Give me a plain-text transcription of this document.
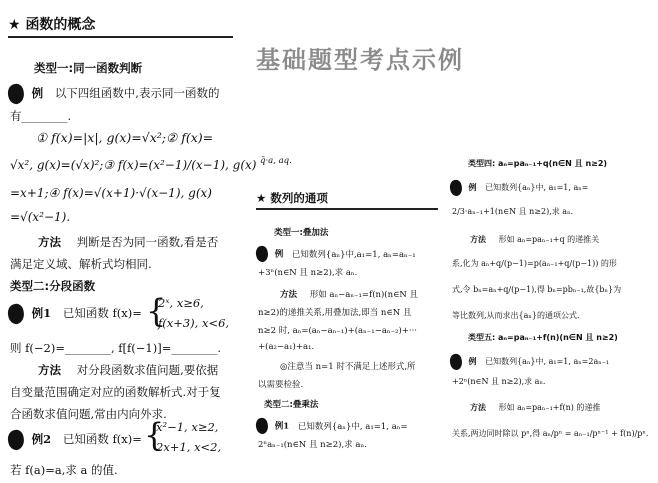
基础题型考点示例
★ 函数的概念
类型一:同一函数判断
例 以下四组函数中,表示同一函数的
有________.
① f(x)=|x|, g(x)=√x²;② f(x)=
√x², g(x)=(√x)²;③ f(x)=(x²−1)/(x−1), g(x)
=x+1;④ f(x)=√(x+1)·√(x−1), g(x)
=√(x²−1).
方法 判断是否为同一函数,看是否
满足定义域、解析式均相同.
类型二:分段函数
例1 已知函数 f(x)= {
2ˣ, x≥6,
f(x+3), x<6,
则 f(−2)=________, f[f(−1)]=________.
方法 对分段函数求值问题,要依据
自变量范围确定对应的函数解析式.对于复
合函数求值问题,常由内向外求.
例2 已知函数 f(x)= {
x²−1, x≥2,
2x+1, x<2,
若 f(a)=a,求 a 的值.
q̄·a, aq.
★ 数列的通项
类型一:叠加法
例 已知数列{aₙ}中,a₁=1, aₙ=aₙ₋₁
+3ⁿ(n∈N 且 n≥2),求 aₙ.
方法 形如 aₙ−aₙ₋₁=f(n)(n∈N 且
n≥2)的递推关系,用叠加法,即当 n∈N 且
n≥2 时, aₙ=(aₙ−aₙ₋₁)+(aₙ₋₁−aₙ₋₂)+···
+(a₂−a₁)+a₁.
◎注意当 n=1 时不满足上述形式,所
以需要检验.
类型二:叠乘法
例1 已知数列{aₙ}中, a₁=1, aₙ=
2ⁿaₙ₋₁(n∈N 且 n≥2),求 aₙ.
类型四: aₙ=paₙ₋₁+q(n∈N 且 n≥2)
例 已知数列{aₙ}中, a₁=1, aₙ=
2/3·aₙ₋₁+1(n∈N 且 n≥2),求 aₙ.
方法 形如 aₙ=paₙ₋₁+q 的递推关
系,化为 aₙ+q/(p−1)=p(aₙ₋₁+q/(p−1)) 的形
式,令 bₙ=aₙ+q/(p−1),得 bₙ=pbₙ₋₁,故{bₙ}为
等比数列,从而求出{aₙ}的通项公式.
类型五: aₙ=paₙ₋₁+f(n)(n∈N 且 n≥2)
例 已知数列{aₙ}中, a₁=1, aₙ=2aₙ₋₁
+2ⁿ(n∈N 且 n≥2),求 aₙ.
方法 形如 aₙ=paₙ₋₁+f(n) 的递推
关系,两边同时除以 pⁿ,得 aₙ/pⁿ = aₙ₋₁/pⁿ⁻¹ + f(n)/pⁿ.
